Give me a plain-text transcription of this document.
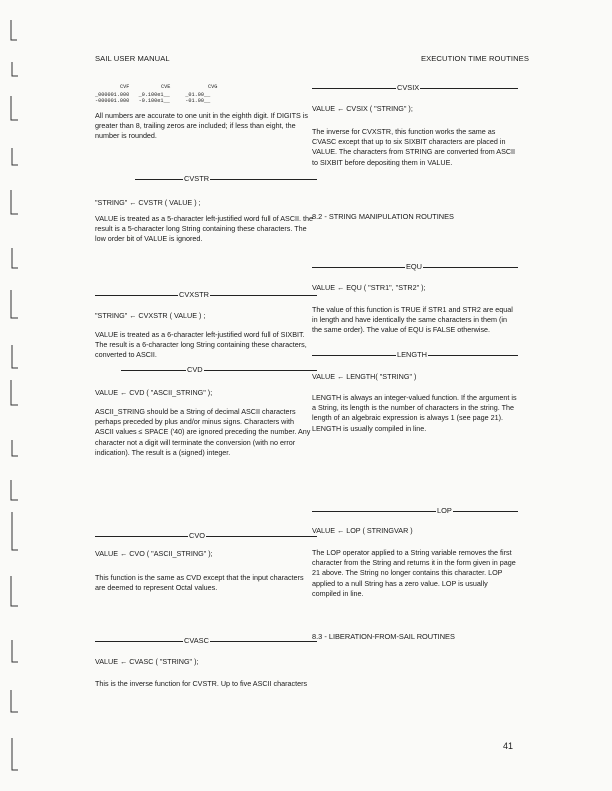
SAIL USER MANUAL	EXECUTION TIME ROUTINES
CVF	CVE	CVG
_000001.000   _0.100e1__     _01.00__
-000001.000   -0.100e1__     -01.00__

All numbers are accurate to one unit in the eighth digit. If DIGITS is greater than 8, trailing zeros are included; if less than eight, the number is rounded.

CVSTR

"STRING" ← CVSTR ( VALUE ) ;

VALUE is treated as a 5-character left-justified word full of ASCII. the result is a 5-character long String containing these characters. The low order bit of VALUE is ignored.

CVXSTR

"STRING" ← CVXSTR ( VALUE ) ;

VALUE is treated as a 6-character left-justified word full of SIXBIT. The result is a 6-character long String containing these characters, converted to ASCII.

CVD

VALUE ← CVD ( "ASCII_STRING" );

ASCII_STRING should be a String of decimal ASCII characters perhaps preceded by plus and/or minus signs. Characters with ASCII values ≤ SPACE ('40) are ignored preceding the number. Any character not a digit will terminate the conversion (with no error indication). The result is a (signed) integer.

CVO

VALUE ← CVO ( "ASCII_STRING" );

This function is the same as CVD except that the input characters are deemed to represent Octal values.

CVASC

VALUE ← CVASC ( "STRING" );

This is the inverse function for CVSTR. Up to five ASCII characters

CVSIX

VALUE ← CVSIX ( "STRING" );

The inverse for CVXSTR, this function works the same as CVASC except that up to six SIXBIT characters are placed in VALUE. The characters from STRING are converted from ASCII to SIXBIT before depositing them in VALUE.

8.2 - STRING MANIPULATION ROUTINES

EQU

VALUE ← EQU ( "STR1", "STR2" );

The value of this function is TRUE if STR1 and STR2 are equal in length and have identically the same characters in them (in the same order). The value of EQU is FALSE otherwise.

LENGTH

VALUE ← LENGTH( "STRING" )

LENGTH is always an integer-valued function. If the argument is a String, its length is the number of characters in the string. The length of an algebraic expression is always 1 (see page 21). LENGTH is usually compiled in line.

LOP

VALUE ← LOP ( STRINGVAR )

The LOP operator applied to a String variable removes the first character from the String and returns it in the form given in page 21 above. The String no longer contains this character. LOP applied to a null String has a zero value. LOP is usually compiled in line.

8.3 - LIBERATION-FROM-SAIL ROUTINES

41
